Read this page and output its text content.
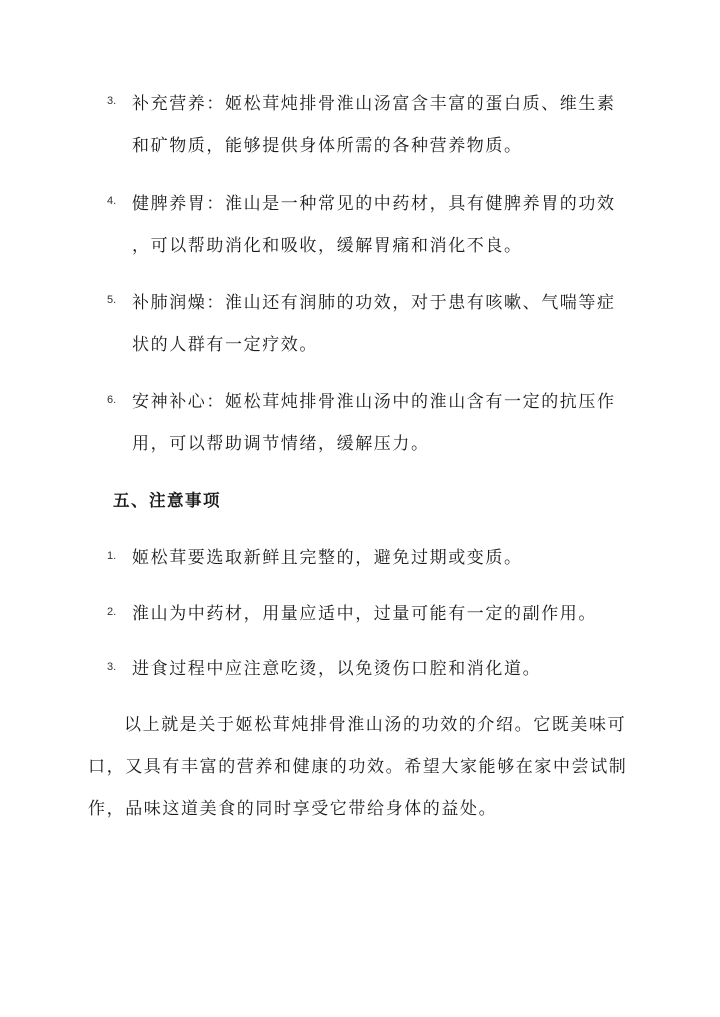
3. 补充营养：姬松茸炖排骨淮山汤富含丰富的蛋白质、维生素
和矿物质，能够提供身体所需的各种营养物质。
4. 健脾养胃：淮山是一种常见的中药材，具有健脾养胃的功效
，可以帮助消化和吸收，缓解胃痛和消化不良。
5. 补肺润燥：淮山还有润肺的功效，对于患有咳嗽、气喘等症
状的人群有一定疗效。
6. 安神补心：姬松茸炖排骨淮山汤中的淮山含有一定的抗压作
用，可以帮助调节情绪，缓解压力。
五、注意事项
1. 姬松茸要选取新鲜且完整的，避免过期或变质。
2. 淮山为中药材，用量应适中，过量可能有一定的副作用。
3. 进食过程中应注意吃烫，以免烫伤口腔和消化道。
以上就是关于姬松茸炖排骨淮山汤的功效的介绍。它既美味可
口，又具有丰富的营养和健康的功效。希望大家能够在家中尝试制
作，品味这道美食的同时享受它带给身体的益处。
